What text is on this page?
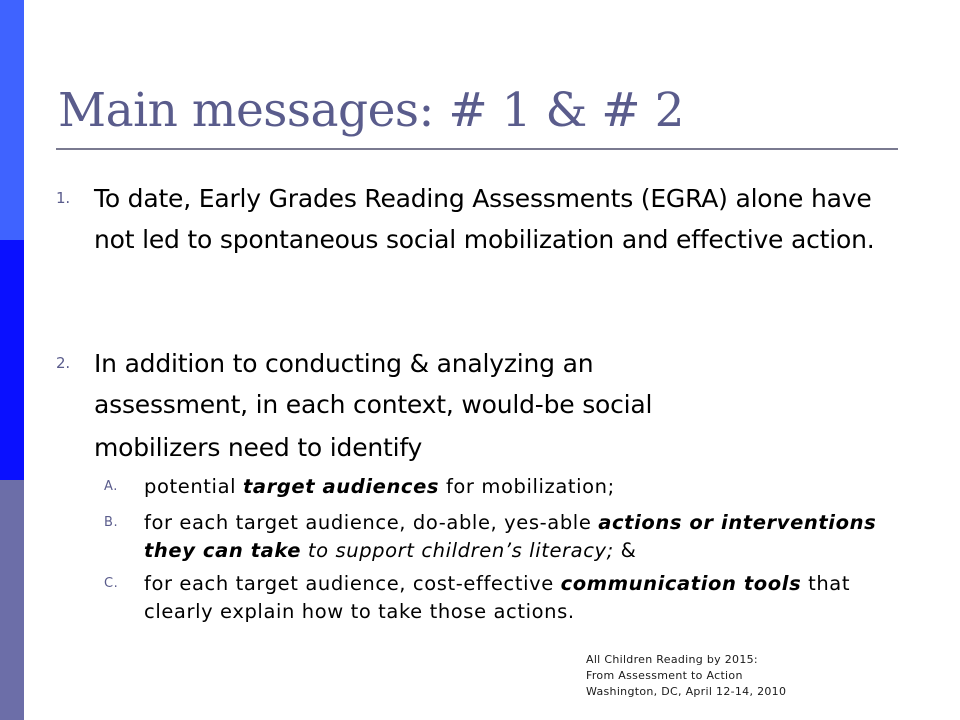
Main messages: # 1 & # 2
1. To date, Early Grades Reading Assessments (EGRA) alone have not led to spontaneous social mobilization and effective action.
2. In addition to conducting & analyzing an
assessment, in each context, would-be social
mobilizers need to identify
A. potential target audiences for mobilization;
B. for each target audience, do-able, yes-able actions or interventions they can take to support children’s literacy; &
C. for each target audience, cost-effective communication tools that clearly explain how to take those actions.
All Children Reading by 2015:
From Assessment to Action
Washington, DC, April 12-14, 2010
